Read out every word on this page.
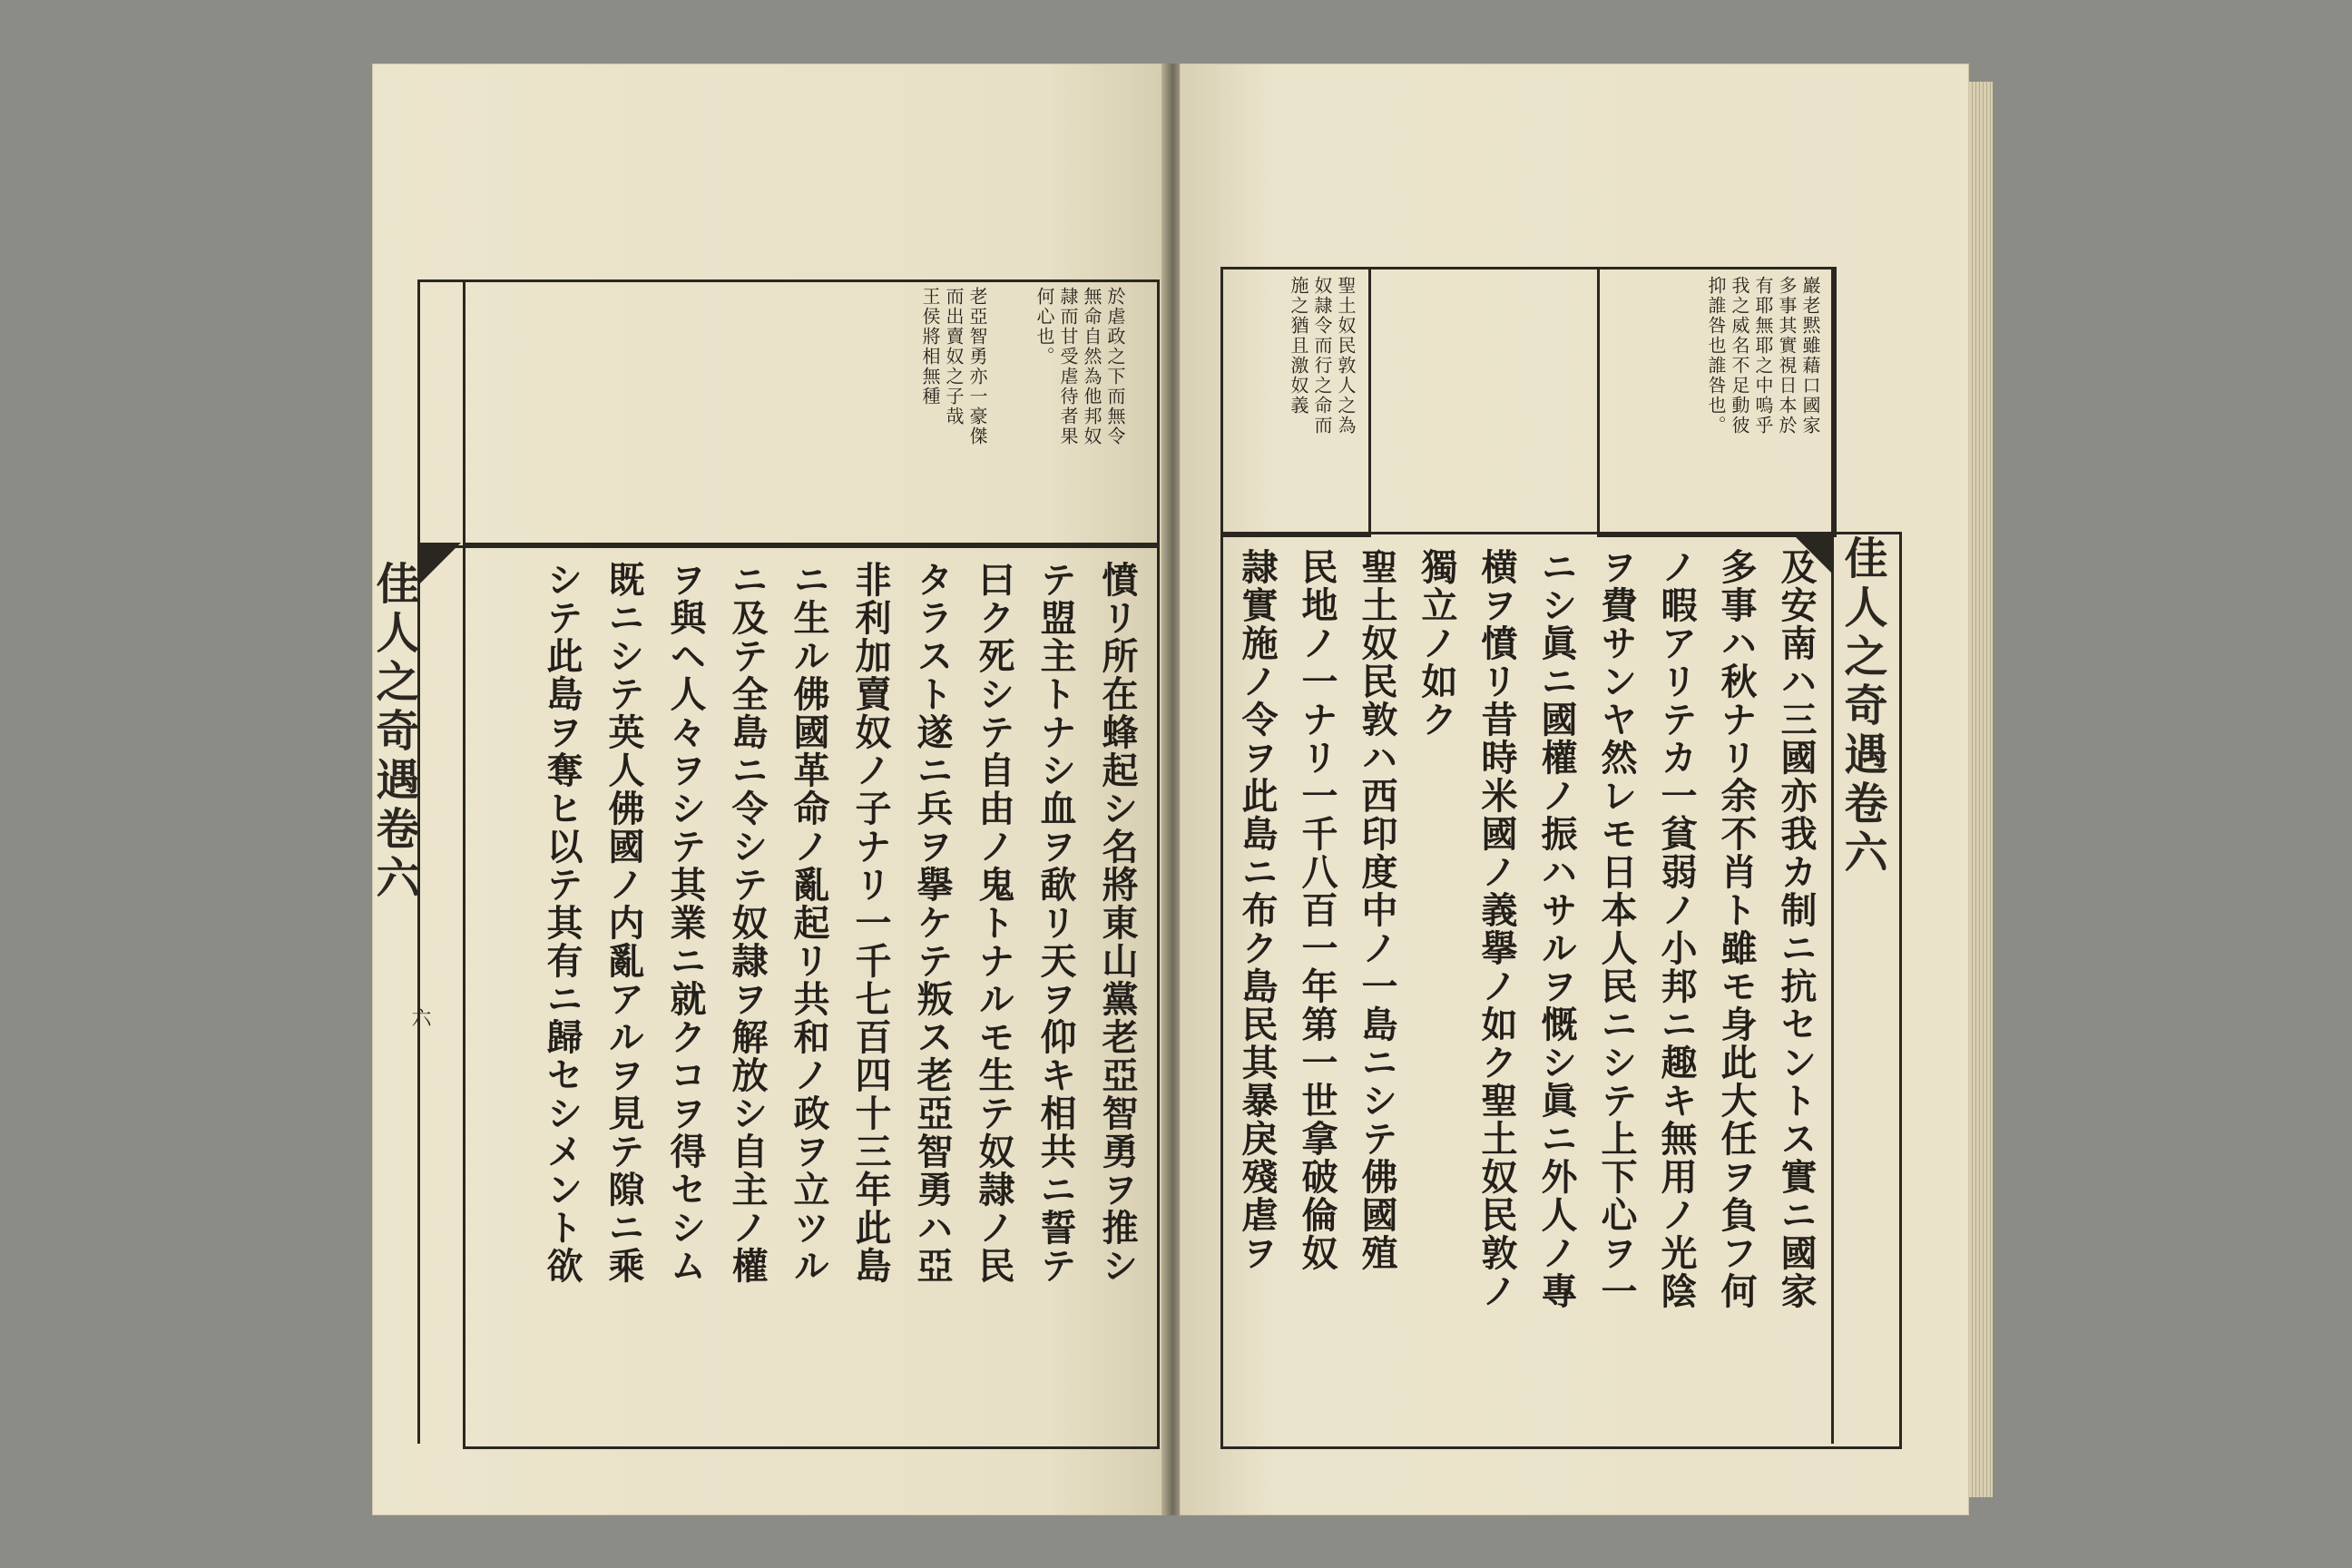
佳人之奇遇卷六
六
於虐政之下而無令
無命自然為他邦奴
隷而甘受虐待者果
何心也。
老亞智勇亦一豪傑
而出賣奴之子哉
王侯將相無種
憤リ所在蜂起シ名將東山黨老亞智勇ヲ推シ
テ盟主トナシ血ヲ歃リ天ヲ仰キ相共ニ誓テ
曰ク死シテ自由ノ鬼トナルモ生テ奴隷ノ民
タラスト遂ニ兵ヲ擧ケテ叛ス老亞智勇ハ亞
非利加賣奴ノ子ナリ一千七百四十三年此島
ニ生ル佛國革命ノ亂起リ共和ノ政ヲ立ツル
ニ及テ全島ニ令シテ奴隷ヲ解放シ自主ノ權
ヲ與ヘ人々ヲシテ其業ニ就クコヲ得セシム
既ニシテ英人佛國ノ内亂アルヲ見テ隙ニ乘
シテ此島ヲ奪ヒ以テ其有ニ歸セシメント欲	佳人之奇遇卷六
巖老黙雖藉口國家
多事其實視日本於
有耶無耶之中嗚乎
我之威名不足動彼
抑誰咎也誰咎也。
聖土奴民敦人之為
奴隷令而行之命而
施之猶且激奴義
及安南ハ三國亦我カ制ニ抗セントス實ニ國家
多事ハ秋ナリ余不肖ト雖モ身此大任ヲ負フ何
ノ暇アリテカ一貧弱ノ小邦ニ趣キ無用ノ光陰
ヲ費サンヤ然レモ日本人民ニシテ上下心ヲ一
ニシ眞ニ國權ノ振ハサルヲ慨シ眞ニ外人ノ專
横ヲ憤リ昔時米國ノ義擧ノ如ク聖土奴民敦ノ
獨立ノ如ク
聖土奴民敦ハ西印度中ノ一島ニシテ佛國殖
民地ノ一ナリ一千八百一年第一世拿破倫奴
隷實施ノ令ヲ此島ニ布ク島民其暴戾殘虐ヲ
